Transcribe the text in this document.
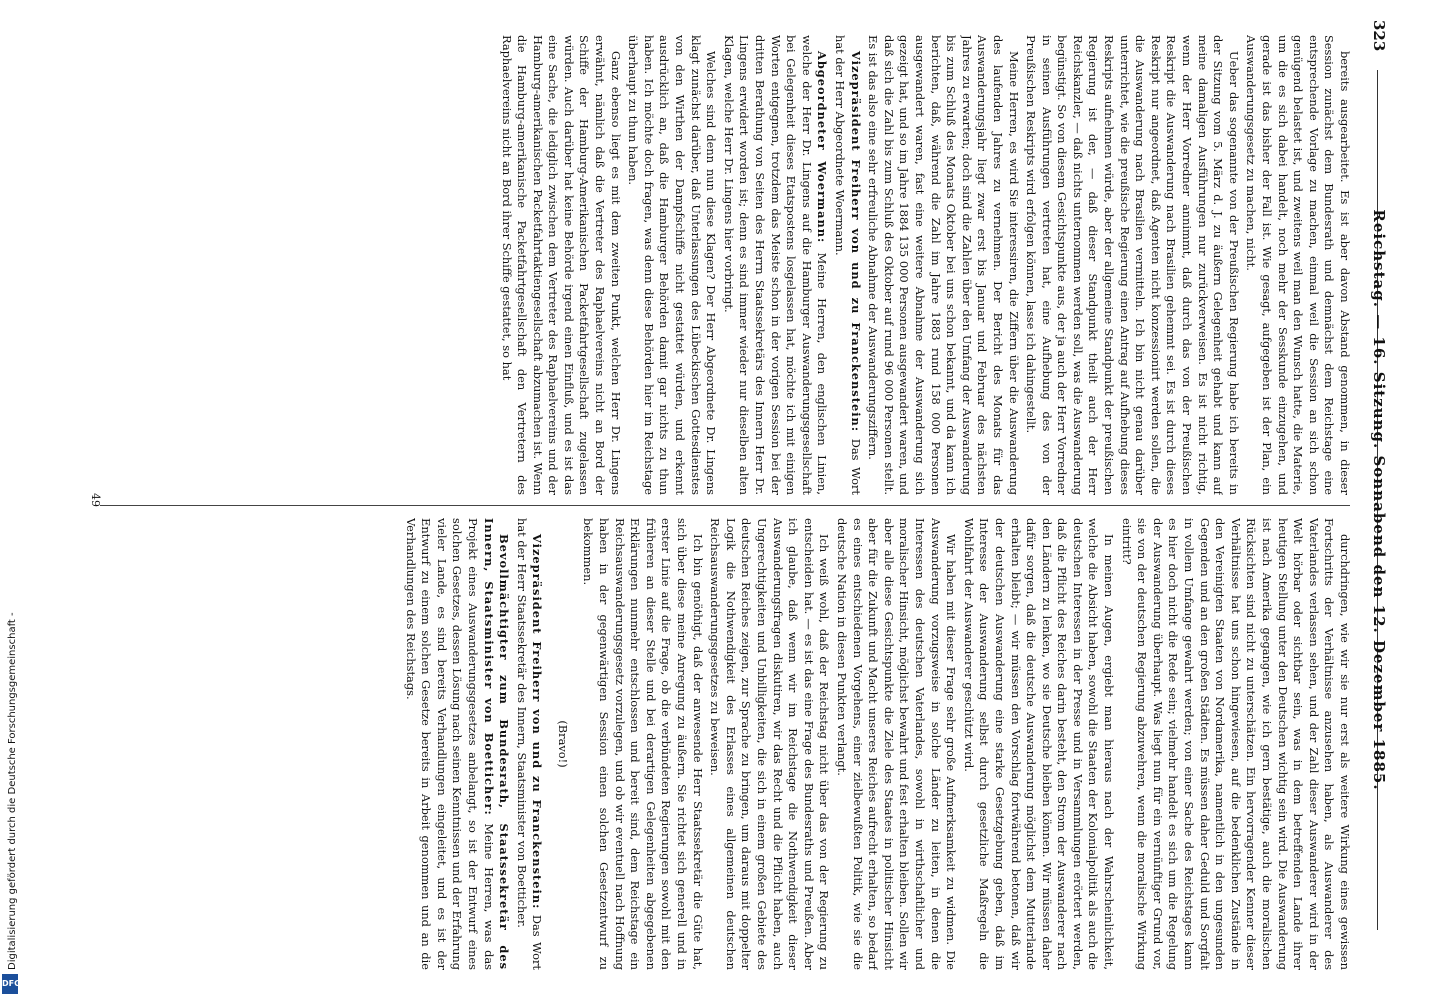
323
Reichstag. — 16. Sitzung. Sonnabend den 12. Dezember 1885.

bereits ausgearbeitet. Es ist aber davon Abstand genommen, in dieser Session zunächst dem Bundesrath und demnächst dem Reichstage eine entsprechende Vorlage zu machen, einmal weil die Session an sich schon genügend belastet ist, und zweitens weil man den Wunsch hatte, die Materie, um die es sich dabei handelt, noch mehr der Sesskunde einzugehen, und gerade ist das bisher der Fall ist. Wie gesagt, aufgegeben ist der Plan, ein Auswanderungsgesetz zu machen, nicht.

Ueber das sogenannte von der Preußischen Regierung habe ich bereits in der Sitzung vom 5. März d. J. zu äußern Gelegenheit gehabt und kann auf meine damaligen Ausführungen nur zurückverweisen. Es ist nicht richtig, wenn der Herr Vorredner annimmt, daß durch das von der Preußischen Reskript die Auswanderung nach Brasilien gehemmt sei. Es ist durch dieses Reskript nur angeordnet, daß Agenten nicht konzessionirt werden sollen, die die Auswanderung nach Brasilien vermitteln. Ich bin nicht genau darüber unterrichtet, wie die preußische Regierung einen Antrag auf Aufhebung dieses Reskripts aufnehmen würde, aber der allgemeine Standpunkt der preußischen Regierung ist der, — daß dieser Standpunkt theilt auch der Herr Reichskanzler, — daß nichts unternommen werden soll, was die Auswanderung begünstigt. So von diesem Gesichtspunkte aus, der ja auch der Herr Vorredner in seinen Ausführungen vertreten hat, eine Aufhebung des von der Preußischen Reskripts wird erfolgen können, lasse ich dahingestellt.

Meine Herren, es wird Sie interessiren, die Ziffern über die Auswanderung des laufenden Jahres zu vernehmen. Der Bericht des Monats für das Auswanderungsjahr liegt zwar erst bis Januar und Februar des nächsten Jahres zu erwarten; doch sind die Zahlen über den Umfang der Auswanderung bis zum Schluß des Monats Oktober bei uns schon bekannt, und da kann ich berichten, daß, während die Zahl im Jahre 1883 rund 158 000 Personen ausgewandert waren, fast eine weitere Abnahme der Auswanderung sich gezeigt hat, und so im Jahre 1884 135 000 Personen ausgewandert waren, und daß sich die Zahl bis zum Schluß des Oktober auf rund 96 000 Personen stellt. Es ist das also eine sehr erfreuliche Abnahme der Auswanderungsziffern.

Vizepräsident Freiherr von und zu Franckenstein: Das Wort hat der Herr Abgeordnete Woermann.

Abgeordneter Woermann: Meine Herren, den englischen Linien, welche der Herr Dr. Lingens auf die Hamburger Auswanderungsgesellschaft bei Gelegenheit dieses Etatspostens losgelassen hat, möchte ich mit einigen Worten entgegnen, trotzdem das Meiste schon in der vorigen Session bei der dritten Berathung von Seiten des Herrn Staatssekretärs des Innern Herr Dr. Lingens erwidert worden ist; denn es sind immer wieder nur dieselben alten Klagen, welche Herr Dr. Lingens hier vorbringt.

Welches sind denn nun diese Klagen? Der Herr Abgeordnete Dr. Lingens klagt zunächst darüber, daß Unterlassungen des Lübeckischen Gottesdienstes von den Wirthen der Dampfschiffe nicht gestattet würden, und erkennt ausdrücklich an, daß die Hamburger Behörden damit gar nichts zu thun haben. Ich möchte doch fragen, was denn diese Behörden hier im Reichstage überhaupt zu thun haben.

Ganz ebenso liegt es mit dem zweiten Punkt, welchen Herr Dr. Lingens erwähnt, nämlich daß die Vertreter des Raphaelvereins nicht an Bord der Schiffe der Hamburg-Amerikanischen Packetfahrtgesellschaft zugelassen würden. Auch darüber hat keine Behörde irgend einen Einfluß, und es ist das eine Sache, die lediglich zwischen dem Vertreter des Raphaelvereins und der Hamburg-amerikanischen Packetfahrtaktiengesellschaft abzumachen ist. Wenn die Hamburg-amerikanische Packetfahrtgesellschaft den Vertretern des Raphaelvereins nicht an Bord ihrer Schiffe gestattet, so hat

durchdringen, wie wir sie nur erst als weitere Wirkung eines gewissen Fortschritts der Verhältnisse anzusehen haben, als Auswanderer des Vaterlandes verlassen sehen, und der Zahl dieser Auswanderer wird in der Welt hörbar oder sichtbar sein, was in dem betreffenden Lande ihrer heutigen Stellung unter den Deutschen wichtig sein wird. Die Auswanderung ist nach Amerika gegangen, wie ich gern bestätige, auch die moralischen Rücksichten sind nicht zu unterschätzen. Ein hervorragender Kenner dieser Verhältnisse hat uns schon hingewiesen, auf die bedenklichen Zustände in den Vereinigten Staaten von Nordamerika, namentlich in den ungesunden Gegenden und an den großen Städten. Es müssen daher Geduld und Sorgfalt in vollem Umfange gewahrt werden; von einer Sache des Reichstages kann es hier doch nicht die Rede sein; vielmehr handelt es sich um die Regelung der Auswanderung überhaupt. Was liegt nun für ein vernünftiger Grund vor, sie von der deutschen Regierung abzuwehren, wenn die moralische Wirkung eintritt?

In meinen Augen, ergiebt man hieraus nach der Wahrscheinlichkeit, welche die Absicht haben, sowohl die Staaten der Kolonialpolitik als auch die deutschen Interessen in der Presse und in Versammlungen erörtert werden, daß die Pflicht des Reiches darin besteht, den Strom der Auswanderer nach den Ländern zu lenken, wo sie Deutsche bleiben können. Wir müssen daher dafür sorgen, daß die deutsche Auswanderung möglichst dem Mutterlande erhalten bleibt; — wir müssen den Vorschlag fortwährend betonen, daß wir der deutschen Auswanderung eine starke Gesetzgebung geben, daß im Interesse der Auswanderung selbst durch gesetzliche Maßregeln die Wohlfahrt der Auswanderer geschützt wird.

Wir haben mit dieser Frage sehr große Aufmerksamkeit zu widmen. Die Auswanderung vorzugsweise in solche Länder zu leiten, in denen die Interessen des deutschen Vaterlandes, sowohl in wirthschaftlicher und moralischer Hinsicht, möglichst bewahrt und fest erhalten bleiben. Sollen wir aber alle diese Gesichtspunkte die Ziele des Staates in politischer Hinsicht aber für die Zukunft und Macht unseres Reiches aufrecht erhalten, so bedarf es eines entschiedenen Vorgehens, einer zielbewußten Politik, wie sie die deutsche Nation in diesen Punkten verlangt.

Ich weiß wohl, daß der Reichstag nicht über das von der Regierung zu entscheiden hat. — es ist das eine Frage des Bundesraths und Preußen. Aber ich glaube, daß wenn wir im Reichstage die Nothwendigkeit dieser Auswanderungsfragen diskutiren, wir das Recht und die Pflicht haben, auch Ungerechtigkeiten und Unbilligkeiten, die sich in einem großen Gebiete des deutschen Reiches zeigen, zur Sprache zu bringen, um daraus mit doppelter Logik die Nothwendigkeit des Erlasses eines allgemeinen deutschen Reichsauswanderungsgesetzes zu beweisen.

Ich bin genöthigt, daß der anwesende Herr Staatssekretär die Güte hat, sich über diese meine Anregung zu äußern. Sie richtet sich generell und in erster Linie auf die Frage, ob die verbündeten Regierungen sowohl mit den früheren an dieser Stelle und bei derartigen Gelegenheiten abgegebenen Erklärungen nunmehr entschlossen und bereit sind, dem Reichstage ein Reichsauswanderungsgesetz vorzulegen, und ob wir eventuell nach Hoffnung haben in der gegenwärtigen Session einen solchen Gesetzentwurf zu bekommen.

(Bravo!)

Vizepräsident Freiherr von und zu Franckenstein: Das Wort hat der Herr Staatssekretär des Innern, Staatsminister von Boetticher.

Bevollmächtigter zum Bundesrath, Staatssekretär des Innern, Staatsminister von Boetticher: Meine Herren, was das Projekt eines Auswanderungsgesetzes anbelangt, so ist der Entwurf eines solchen Gesetzes, dessen Lösung nach seinen Kenntnissen und der Erfahrung vieler Lande, es sind bereits Verhandlungen eingeleitet, und es ist der Entwurf zu einem solchen Gesetze bereits in Arbeit genommen und an die Verhandlungen des Reichstags.

49
Digitalisierung gefördert durch die Deutsche Forschungsgemeinschaft -
DFG
